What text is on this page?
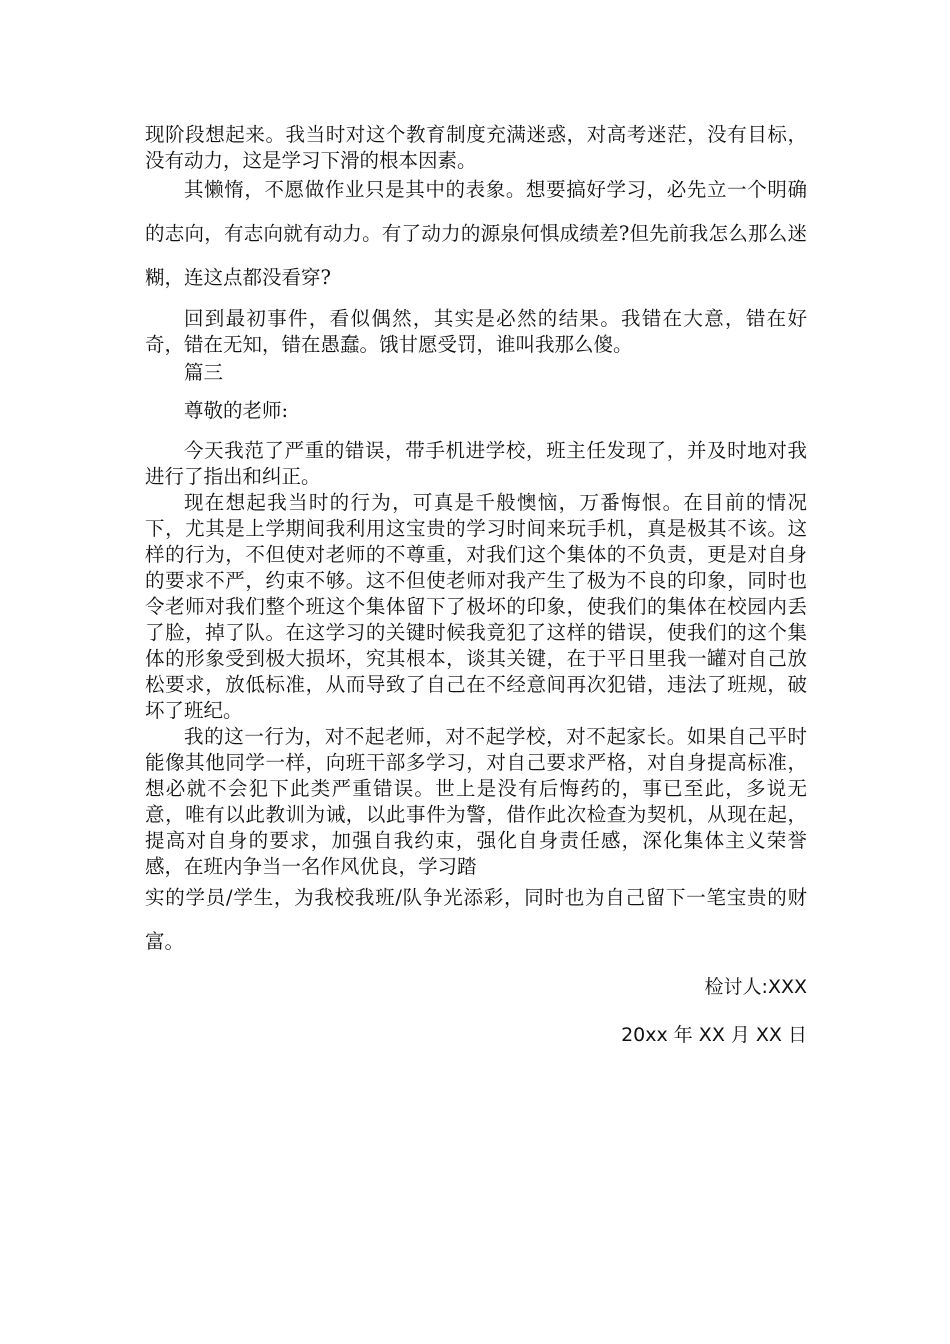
现阶段想起来。我当时对这个教育制度充满迷惑，对高考迷茫，没有目标，没有动力，这是学习下滑的根本因素。

其懒惰，不愿做作业只是其中的表象。想要搞好学习，必先立一个明确的志向，有志向就有动力。有了动力的源泉何惧成绩差?但先前我怎么那么迷糊，连这点都没看穿?

回到最初事件，看似偶然，其实是必然的结果。我错在大意，错在好奇，错在无知，错在愚蠢。饿甘愿受罚，谁叫我那么傻。

篇三

尊敬的老师:

今天我范了严重的错误，带手机进学校，班主任发现了，并及时地对我进行了指出和纠正。

现在想起我当时的行为，可真是千般懊恼，万番悔恨。在目前的情况下，尤其是上学期间我利用这宝贵的学习时间来玩手机，真是极其不该。这样的行为，不但使对老师的不尊重，对我们这个集体的不负责，更是对自身的要求不严，约束不够。这不但使老师对我产生了极为不良的印象，同时也令老师对我们整个班这个集体留下了极坏的印象，使我们的集体在校园内丢了脸，掉了队。在这学习的关键时候我竟犯了这样的错误，使我们的这个集体的形象受到极大损坏，究其根本，谈其关键，在于平日里我一罐对自己放松要求，放低标准，从而导致了自己在不经意间再次犯错，违法了班规，破坏了班纪。

我的这一行为，对不起老师，对不起学校，对不起家长。如果自己平时能像其他同学一样，向班干部多学习，对自己要求严格，对自身提高标准，想必就不会犯下此类严重错误。世上是没有后悔药的，事已至此，多说无意，唯有以此教训为诫，以此事件为警，借作此次检查为契机，从现在起，提高对自身的要求，加强自我约束，强化自身责任感，深化集体主义荣誉感，在班内争当一名作风优良，学习踏

实的学员/学生，为我校我班/队争光添彩，同时也为自己留下一笔宝贵的财富。

检讨人:XXX

20xx 年 XX 月 XX 日
